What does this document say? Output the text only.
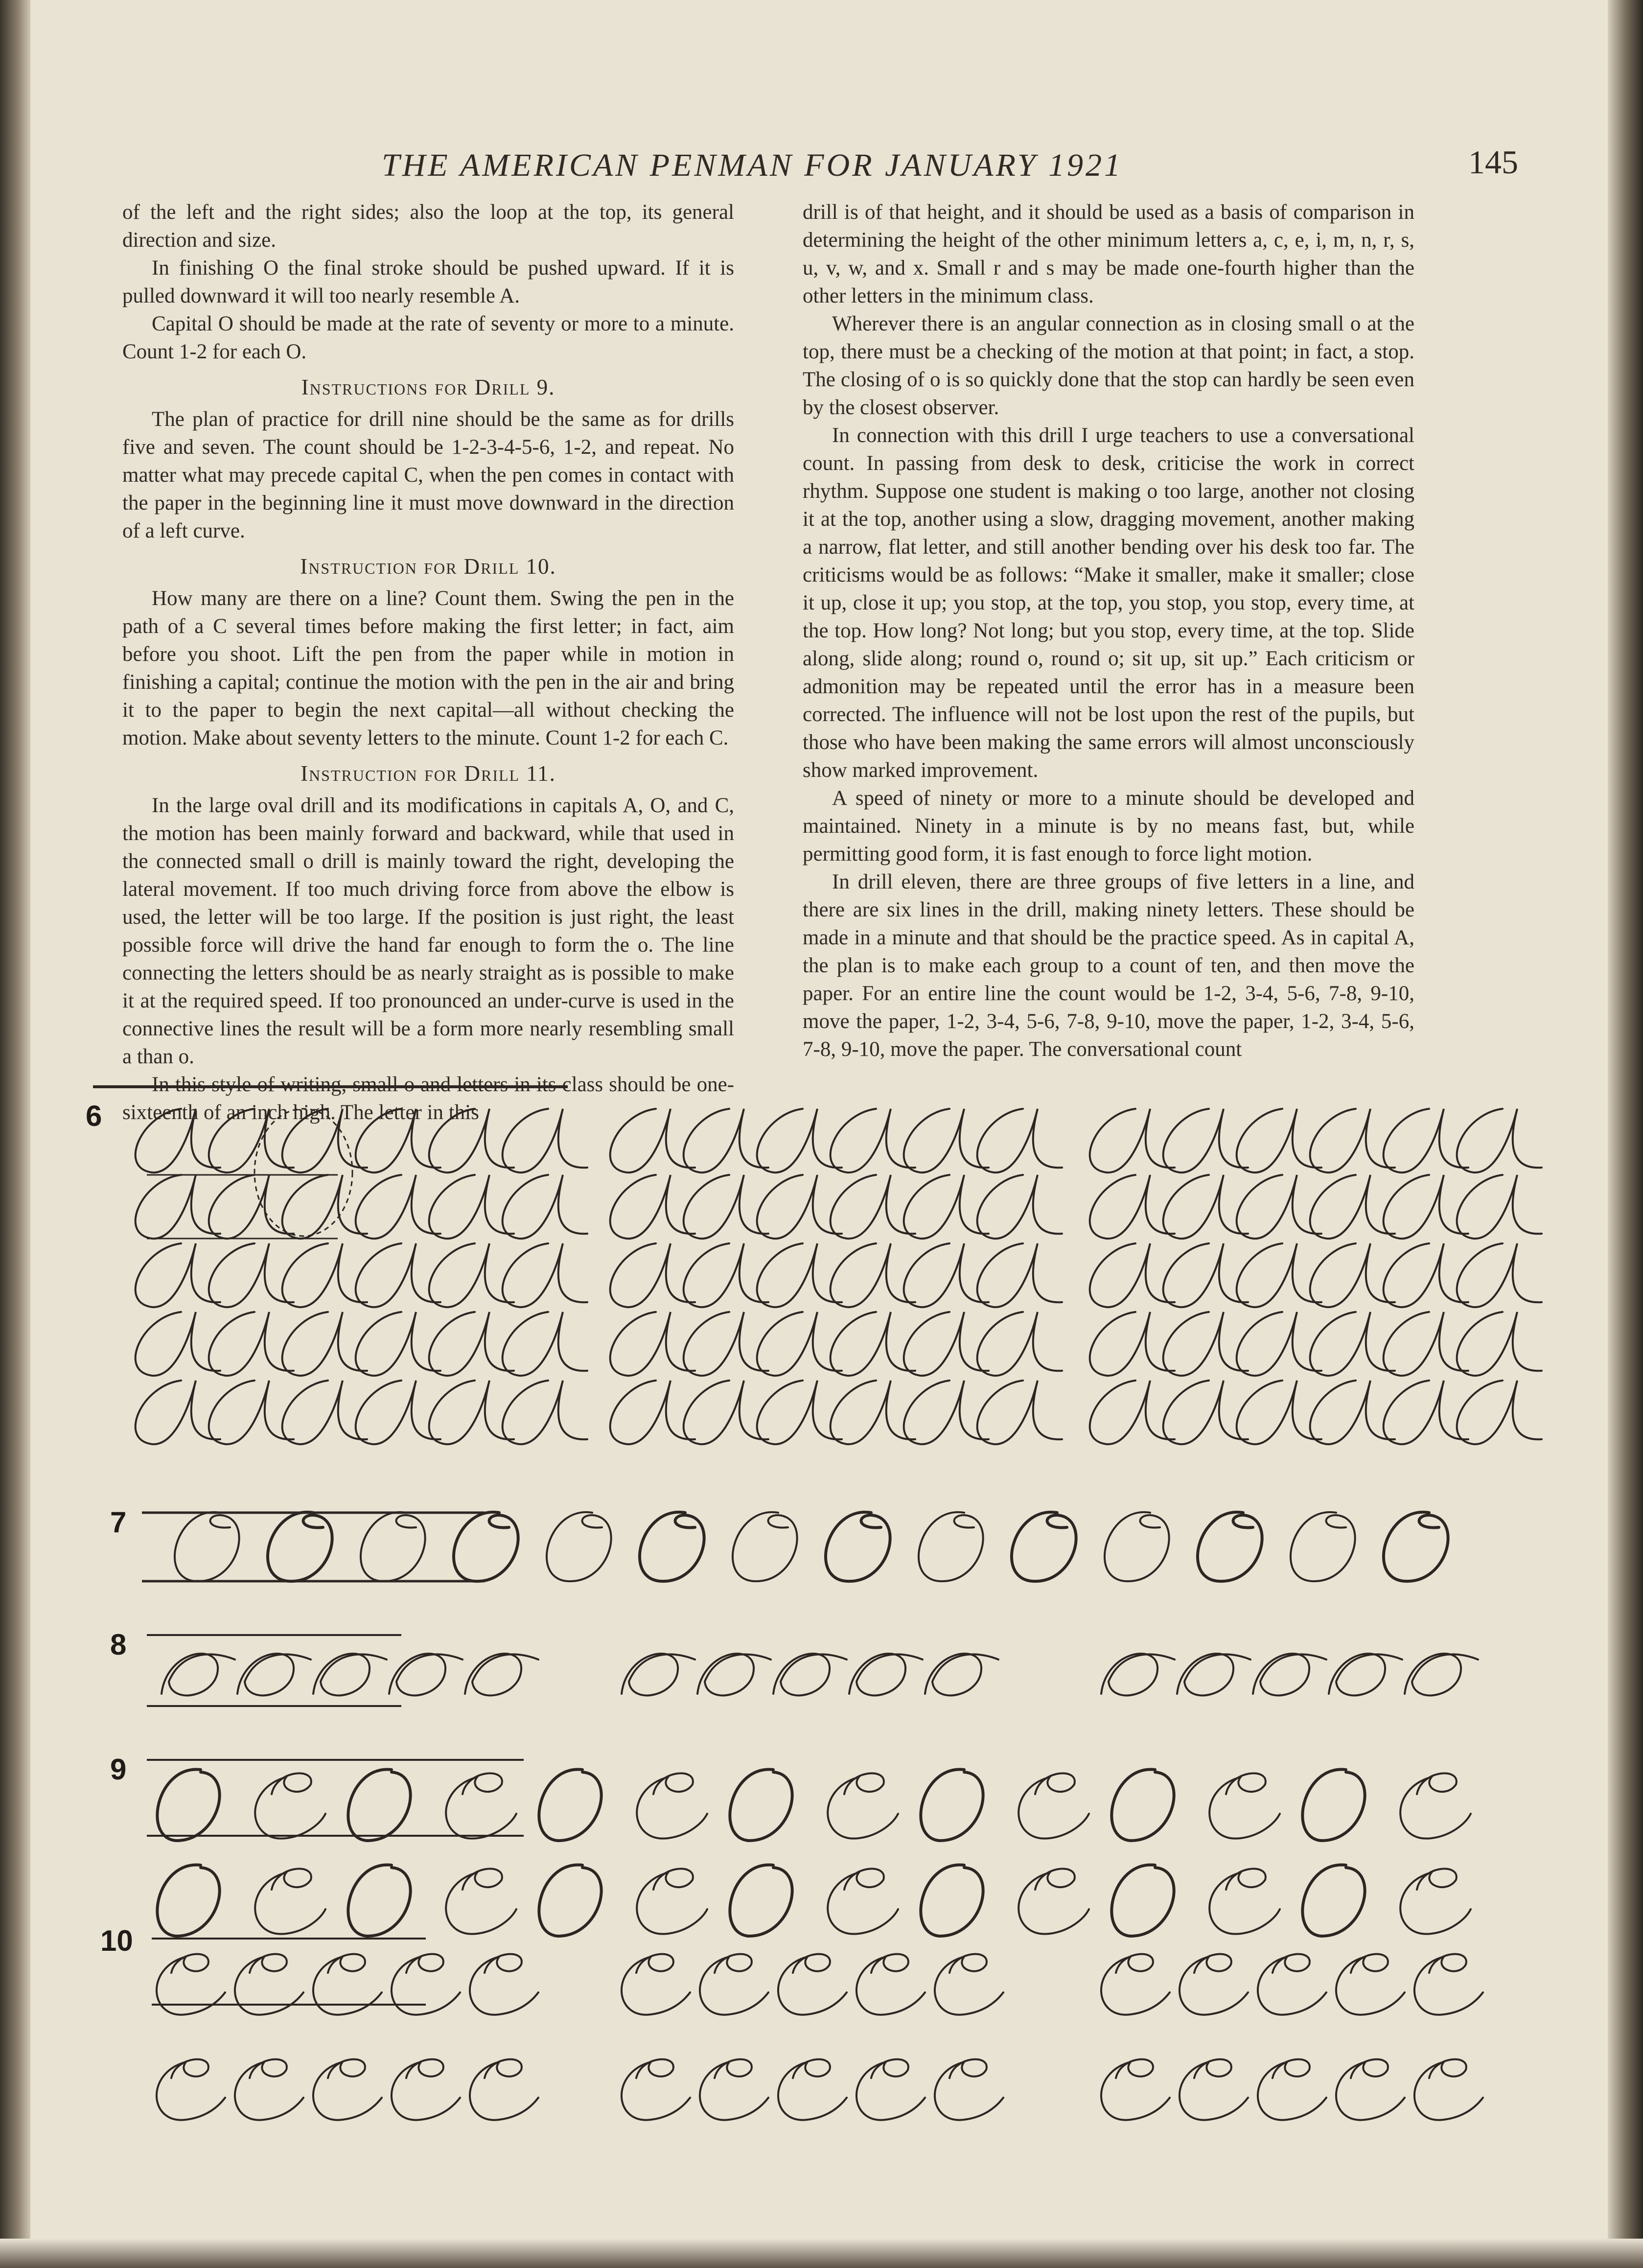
THE AMERICAN PENMAN FOR JANUARY 1921	145

of the left and the right sides; also the loop at the top, its general direction and size.

In finishing O the final stroke should be pushed upward. If it is pulled downward it will too nearly resemble A.

Capital O should be made at the rate of seventy or more to a minute. Count 1-2 for each O.

Instructions for Drill 9.

The plan of practice for drill nine should be the same as for drills five and seven. The count should be 1-2-3-4-5-6, 1-2, and repeat. No matter what may precede capital C, when the pen comes in contact with the paper in the beginning line it must move downward in the direction of a left curve.

Instruction for Drill 10.

How many are there on a line? Count them. Swing the pen in the path of a C several times before making the first letter; in fact, aim before you shoot. Lift the pen from the paper while in motion in finishing a capital; continue the motion with the pen in the air and bring it to the paper to begin the next capital—all without checking the motion. Make about seventy letters to the minute. Count 1-2 for each C.

Instruction for Drill 11.

In the large oval drill and its modifications in capitals A, O, and C, the motion has been mainly forward and backward, while that used in the connected small o drill is mainly toward the right, developing the lateral movement. If too much driving force from above the elbow is used, the letter will be too large. If the position is just right, the least possible force will drive the hand far enough to form the o. The line connecting the letters should be as nearly straight as is possible to make it at the required speed. If too pronounced an under-curve is used in the connective lines the result will be a form more nearly resembling small a than o.

In this style of writing, small o and letters in its class should be one-sixteenth of an inch high. The letter in this

drill is of that height, and it should be used as a basis of comparison in determining the height of the other minimum letters a, c, e, i, m, n, r, s, u, v, w, and x. Small r and s may be made one-fourth higher than the other letters in the minimum class.

Wherever there is an angular connection as in closing small o at the top, there must be a checking of the motion at that point; in fact, a stop. The closing of o is so quickly done that the stop can hardly be seen even by the closest observer.

In connection with this drill I urge teachers to use a conversational count. In passing from desk to desk, criticise the work in correct rhythm. Suppose one student is making o too large, another not closing it at the top, another using a slow, dragging movement, another making a narrow, flat letter, and still another bending over his desk too far. The criticisms would be as follows: “Make it smaller, make it smaller; close it up, close it up; you stop, at the top, you stop, you stop, every time, at the top. How long? Not long; but you stop, every time, at the top. Slide along, slide along; round o, round o; sit up, sit up.” Each criticism or admonition may be repeated until the error has in a measure been corrected. The influence will not be lost upon the rest of the pupils, but those who have been making the same errors will almost unconsciously show marked improvement.

A speed of ninety or more to a minute should be developed and maintained. Ninety in a minute is by no means fast, but, while permitting good form, it is fast enough to force light motion.

In drill eleven, there are three groups of five letters in a line, and there are six lines in the drill, making ninety letters. These should be made in a minute and that should be the practice speed. As in capital A, the plan is to make each group to a count of ten, and then move the paper. For an entire line the count would be 1-2, 3-4, 5-6, 7-8, 9-10, move the paper, 1-2, 3-4, 5-6, 7-8, 9-10, move the paper, 1-2, 3-4, 5-6, 7-8, 9-10, move the paper. The conversational count

6
7
8
9
10
